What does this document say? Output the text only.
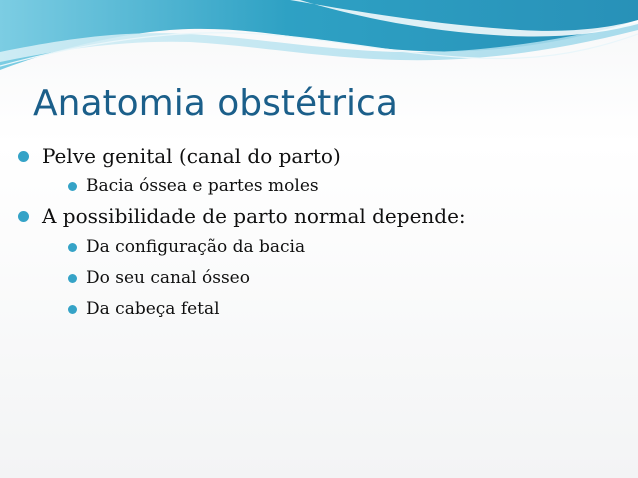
Anatomia obstétrica
Pelve genital (canal do parto)
Bacia óssea e partes moles
A possibilidade de parto normal depende:
Da configuração da bacia
Do seu canal ósseo
Da cabeça fetal
